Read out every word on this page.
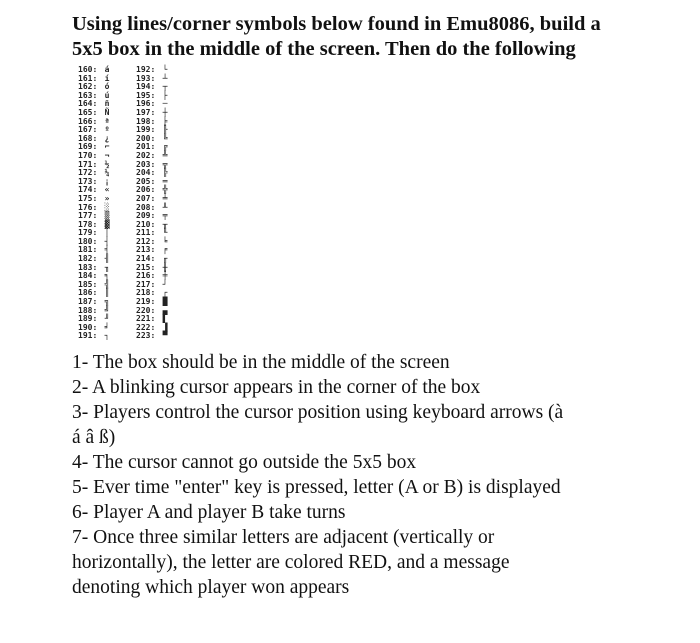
Using lines/corner symbols below found in Emu8086, build a
5x5 box in the middle of the screen. Then do the following
160: á
161: í
162: ó
163: ú
164: ñ
165: Ñ
166: ª
167: º
168: ¿
169: ⌐
170: ¬
171: ½
172: ¼
173: ¡
174: «
175: »
176: ░
177: ▒
178: ▓
179: │
180: ┤
181: ╡
182: ╢
183: ╖
184: ╕
185: ╣
186: ║
187: ╗
188: ╝
189: ╜
190: ╛
191: ┐
192: └
193: ┴
194: ┬
195: ├
196: ─
197: ┼
198: ╞
199: ╟
200: ╚
201: ╔
202: ╩
203: ╦
204: ╠
205: ═
206: ╬
207: ╧
208: ╨
209: ╤
210: ╥
211: ╙
212: ╘
213: ╒
214: ╓
215: ╫
216: ╪
217: ┘
218: ┌
219: █
220: ▄
221: ▌
222: ▐
223: ▀
1- The box should be in the middle of the screen
2- A blinking cursor appears in the corner of the box
3- Players control the cursor position using keyboard arrows (à
á â ß)
4- The cursor cannot go outside the 5x5 box
5- Ever time "enter" key is pressed, letter (A or B) is displayed
6- Player A and player B take turns
7- Once three similar letters are adjacent (vertically or
horizontally), the letter are colored RED, and a message
denoting which player won appears
